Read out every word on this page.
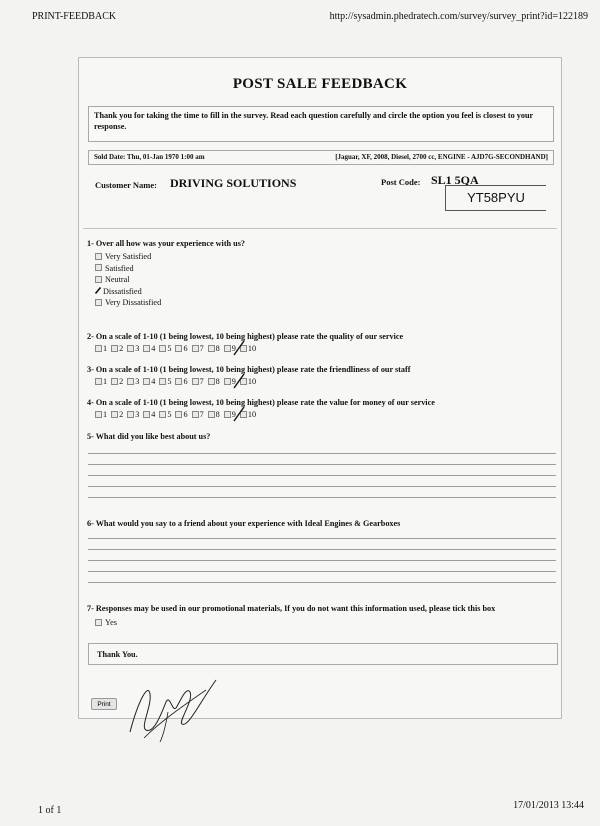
PRINT-FEEDBACK	http://sysadmin.phedratech.com/survey/survey_print?id=122189
POST SALE FEEDBACK
Thank you for taking the time to fill in the survey. Read each question carefully and circle the option you feel is closest to your response.
Sold Date: Thu, 01-Jan 1970 1:00 am	[Jaguar, XF, 2008, Diesel, 2700 cc, ENGINE - AJD7G-SECONDHAND]
Customer Name: DRIVING SOLUTIONS	Post Code: SL1 5QA
YT58PYU
1- Over all how was your experience with us?
Very Satisfied
Satisfied
Neutral
Dissatisfied
Very Dissatisfied
2- On a scale of 1-10 (1 being lowest, 10 being highest) please rate the quality of our service
1 2 3 4 5 6 7 8 9 10
3- On a scale of 1-10 (1 being lowest, 10 being highest) please rate the friendliness of our staff
1 2 3 4 5 6 7 8 9 10
4- On a scale of 1-10 (1 being lowest, 10 being highest) please rate the value for money of our service
1 2 3 4 5 6 7 8 9 10
5- What did you like best about us?
6- What would you say to a friend about your experience with Ideal Engines & Gearboxes
7- Responses may be used in our promotional materials, If you do not want this information used, please tick this box
Yes
Thank You.
Print
1 of 1	17/01/2013 13:44
